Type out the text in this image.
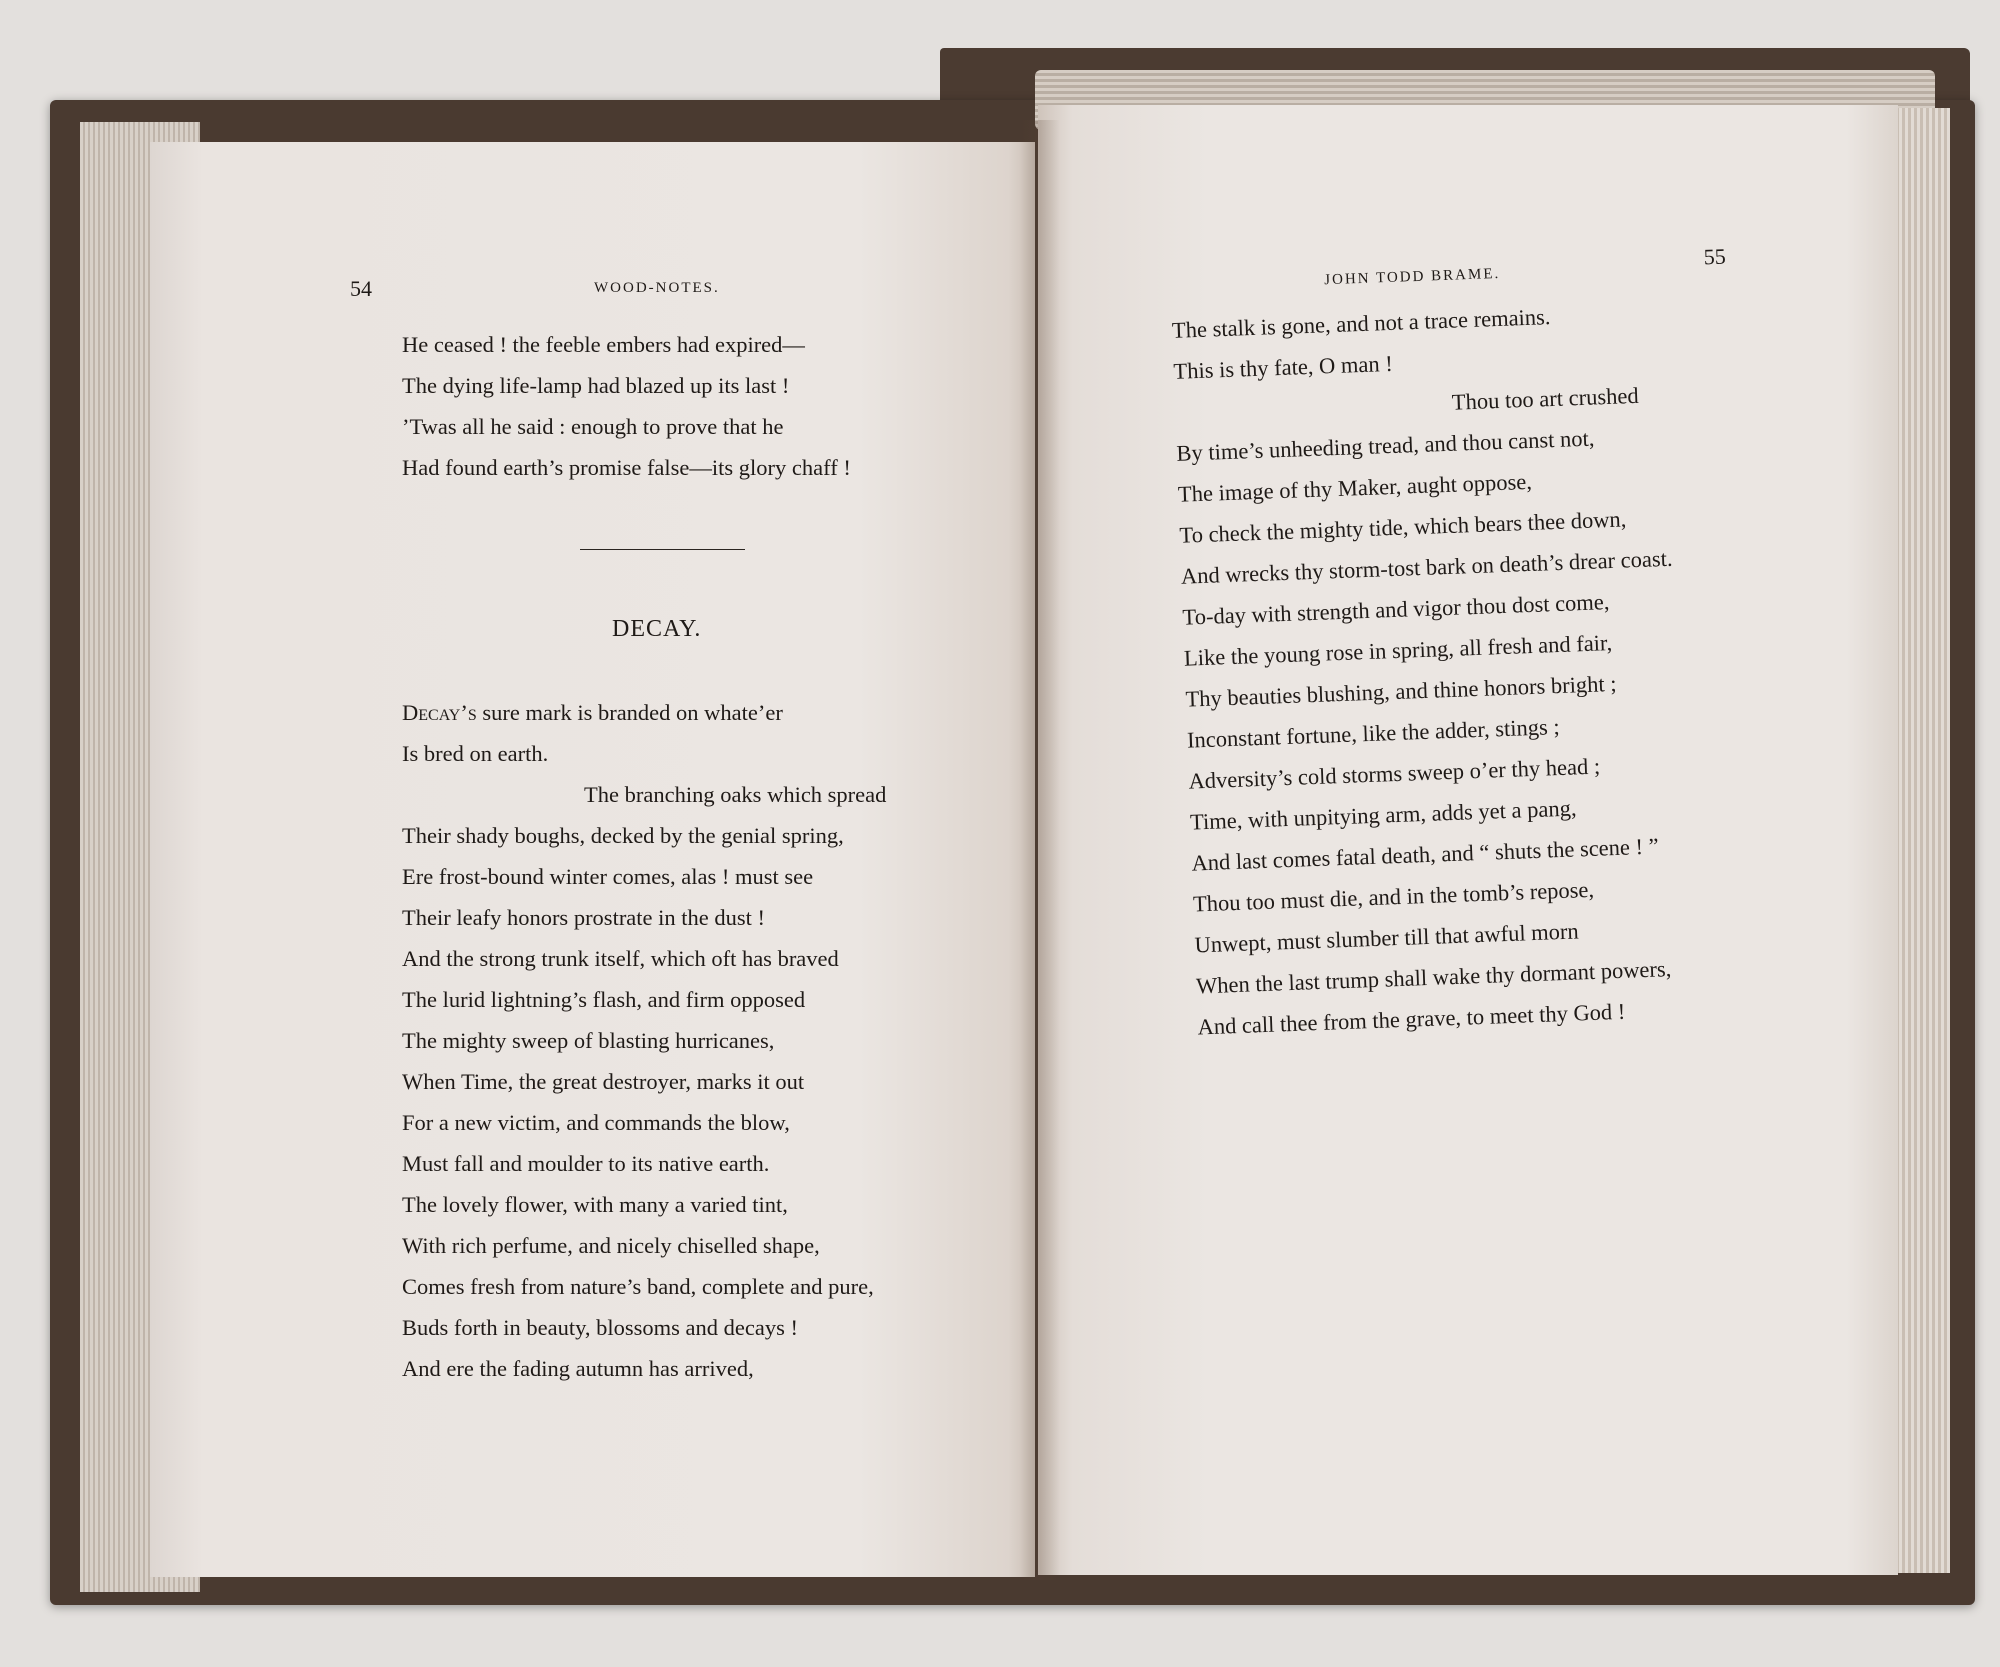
54	WOOD-NOTES.
He ceased ! the feeble embers had expired—
The dying life-lamp had blazed up its last !
’Twas all he said : enough to prove that he
Had found earth’s promise false—its glory chaff !
DECAY.
Decay’s sure mark is branded on whate’er
Is bred on earth.
The branching oaks which spread
Their shady boughs, decked by the genial spring,
Ere frost-bound winter comes, alas ! must see
Their leafy honors prostrate in the dust !
And the strong trunk itself, which oft has braved
The lurid lightning’s flash, and firm opposed
The mighty sweep of blasting hurricanes,
When Time, the great destroyer, marks it out
For a new victim, and commands the blow,
Must fall and moulder to its native earth.
The lovely flower, with many a varied tint,
With rich perfume, and nicely chiselled shape,
Comes fresh from nature’s band, complete and pure,
Buds forth in beauty, blossoms and decays !
And ere the fading autumn has arrived,
JOHN TODD BRAME.
55
The stalk is gone, and not a trace remains.
This is thy fate, O man !
Thou too art crushed
By time’s unheeding tread, and thou canst not,
The image of thy Maker, aught oppose,
To check the mighty tide, which bears thee down,
And wrecks thy storm-tost bark on death’s drear coast.
To-day with strength and vigor thou dost come,
Like the young rose in spring, all fresh and fair,
Thy beauties blushing, and thine honors bright ;
Inconstant fortune, like the adder, stings ;
Adversity’s cold storms sweep o’er thy head ;
Time, with unpitying arm, adds yet a pang,
And last comes fatal death, and “ shuts the scene ! ”
Thou too must die, and in the tomb’s repose,
Unwept, must slumber till that awful morn
When the last trump shall wake thy dormant powers,
And call thee from the grave, to meet thy God !
